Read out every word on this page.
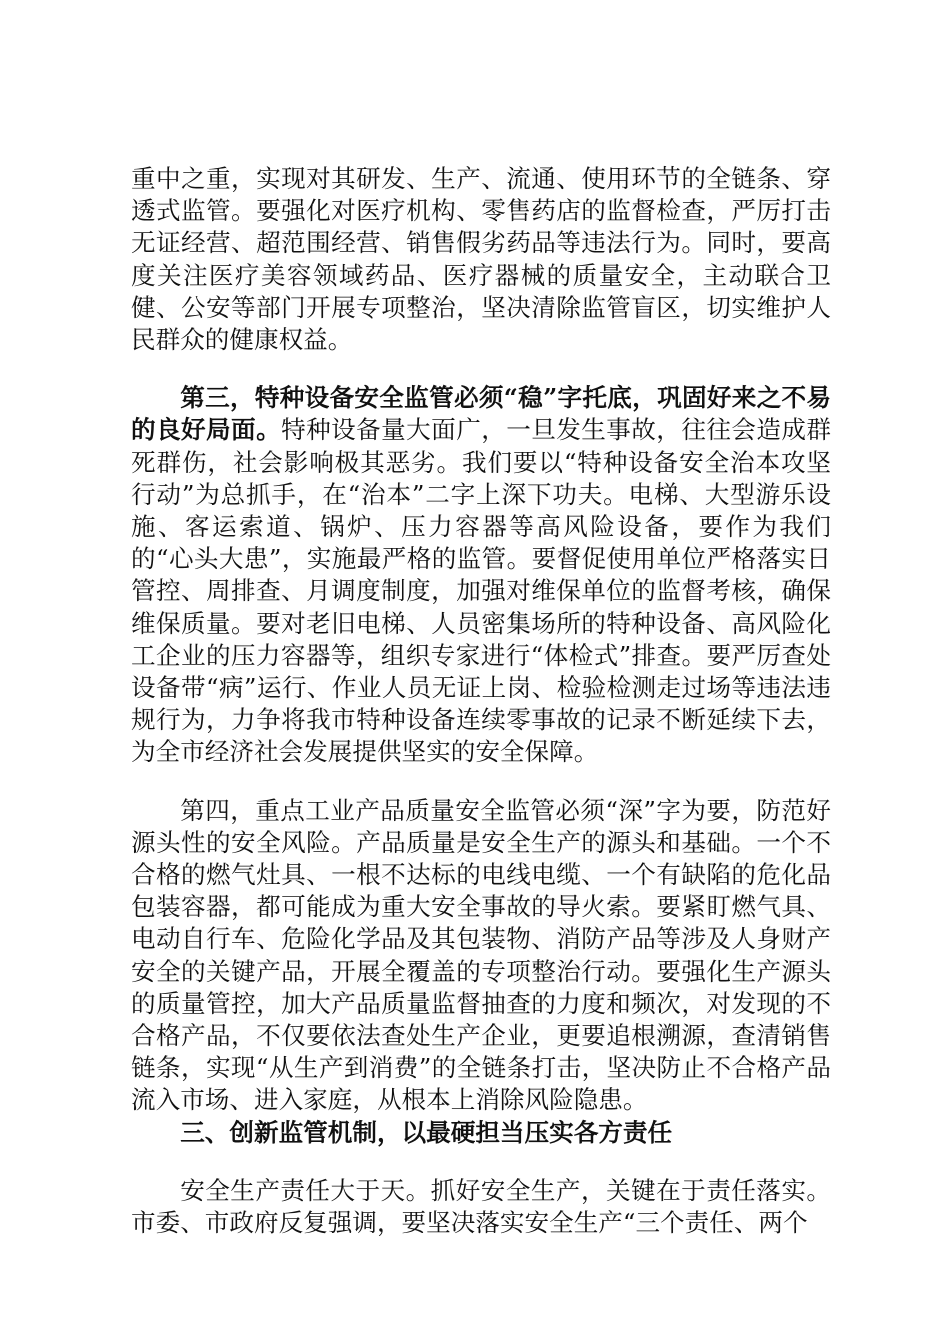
重中之重，实现对其研发、生产、流通、使用环节的全链条、穿透式监管。要强化对医疗机构、零售药店的监督检查，严厉打击无证经营、超范围经营、销售假劣药品等违法行为。同时，要高度关注医疗美容领域药品、医疗器械的质量安全，主动联合卫健、公安等部门开展专项整治，坚决清除监管盲区，切实维护人民群众的健康权益。

第三，特种设备安全监管必须“稳”字托底，巩固好来之不易的良好局面。特种设备量大面广，一旦发生事故，往往会造成群死群伤，社会影响极其恶劣。我们要以“特种设备安全治本攻坚行动”为总抓手，在“治本”二字上深下功夫。电梯、大型游乐设施、客运索道、锅炉、压力容器等高风险设备，要作为我们的“心头大患”，实施最严格的监管。要督促使用单位严格落实日管控、周排查、月调度制度，加强对维保单位的监督考核，确保维保质量。要对老旧电梯、人员密集场所的特种设备、高风险化工企业的压力容器等，组织专家进行“体检式”排查。要严厉查处设备带“病”运行、作业人员无证上岗、检验检测走过场等违法违规行为，力争将我市特种设备连续零事故的记录不断延续下去，为全市经济社会发展提供坚实的安全保障。

第四，重点工业产品质量安全监管必须“深”字为要，防范好源头性的安全风险。产品质量是安全生产的源头和基础。一个不合格的燃气灶具、一根不达标的电线电缆、一个有缺陷的危化品包装容器，都可能成为重大安全事故的导火索。要紧盯燃气具、电动自行车、危险化学品及其包装物、消防产品等涉及人身财产安全的关键产品，开展全覆盖的专项整治行动。要强化生产源头的质量管控，加大产品质量监督抽查的力度和频次，对发现的不合格产品，不仅要依法查处生产企业，更要追根溯源，查清销售链条，实现“从生产到消费”的全链条打击，坚决防止不合格产品流入市场、进入家庭，从根本上消除风险隐患。

三、创新监管机制，以最硬担当压实各方责任

安全生产责任大于天。抓好安全生产，关键在于责任落实。市委、市政府反复强调，要坚决落实安全生产“三个责任、两个
